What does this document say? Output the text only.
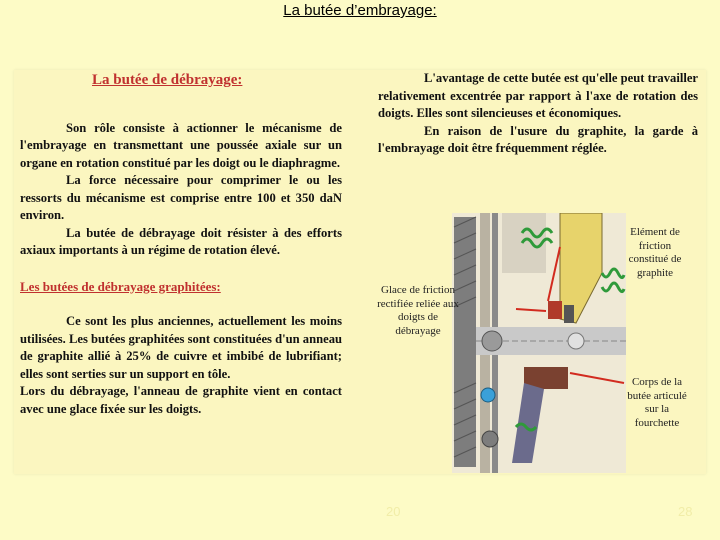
La butée d’embrayage:
La butée de débrayage:

Son rôle consiste à actionner le mécanisme de l'embrayage en transmettant une poussée axiale sur un organe en rotation constitué par les doigt ou le diaphragme.

La force nécessaire pour comprimer le ou les ressorts du mécanisme est comprise entre 100 et 350 daN environ.

La butée de débrayage doit résister à des efforts axiaux importants à un régime de rotation élevé.

Les butées de débrayage graphitées:

Ce sont les plus anciennes, actuellement les moins utilisées. Les butées graphitées sont constituées d'un anneau de graphite allié à 25% de cuivre et imbibé de lubrifiant; elles sont serties sur un support en tôle.

Lors du débrayage, l'anneau de graphite vient en contact avec une glace fixée sur les doigts.

L'avantage de cette butée est qu'elle peut travailler relativement excentrée par rapport à l'axe de rotation des doigts. Elles sont silencieuses et économiques.

En raison de l'usure du graphite, la garde à l'embrayage doit être fréquemment réglée.

Elément de
friction
constitué de
graphite
Glace de friction
rectifiée reliée aux
doigts de
débrayage
Corps de la
butée articulé
sur la
fourchette
20	28
